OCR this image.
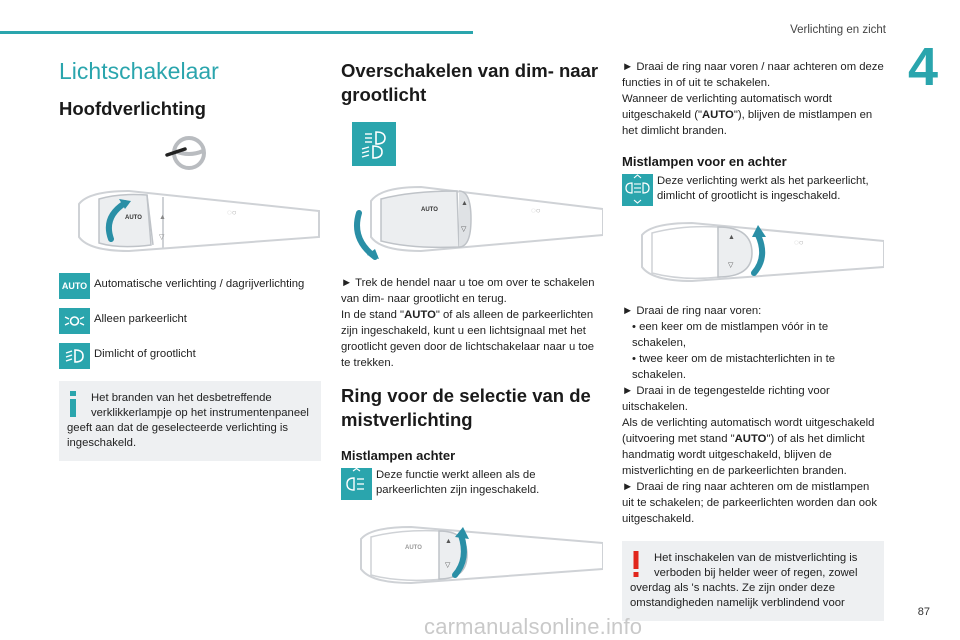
Verlichting en zicht
4
Lichtschakelaar
Hoofdverlichting
AUTO ▲
▽
◌○
AUTO Automatische verlichting / dagrijverlichting
Alleen parkeerlicht
Dimlicht of grootlicht
Het branden van het desbetreffende verklikkerlampje op het instrumentenpaneel
geeft aan dat de geselecteerde verlichting is ingeschakeld.
Overschakelen van dim- naar grootlicht
AUTO
▲
▽
◌○
► Trek de hendel naar u toe om over te schakelen van dim- naar grootlicht en terug.
In de stand "AUTO" of als alleen de parkeerlichten zijn ingeschakeld, kunt u een lichtsignaal met het grootlicht geven door de lichtschakelaar naar u toe te trekken.
Ring voor de selectie van de mistverlichting
Mistlampen achter
Deze functie werkt alleen als de parkeerlichten zijn ingeschakeld.
AUTO
▲
▽
► Draai de ring naar voren / naar achteren om deze functies in of uit te schakelen.
Wanneer de verlichting automatisch wordt uitgeschakeld ("AUTO"), blijven de mistlampen en het dimlicht branden.
Mistlampen voor en achter
Deze verlichting werkt als het parkeerlicht, dimlicht of grootlicht is ingeschakeld.
▲
▽
◌○
► Draai de ring naar voren:
• een keer om de mistlampen vóór in te schakelen,
• twee keer om de mistachterlichten in te schakelen.
► Draai in de tegengestelde richting voor uitschakelen.
Als de verlichting automatisch wordt uitgeschakeld (uitvoering met stand "AUTO") of als het dimlicht handmatig wordt uitgeschakeld, blijven de mistverlichting en de parkeerlichten branden.
► Draai de ring naar achteren om de mistlampen uit te schakelen; de parkeerlichten worden dan ook uitgeschakeld.
Het inschakelen van de mistverlichting is verboden bij helder weer of regen, zowel
overdag als 's nachts. Ze zijn onder deze omstandigheden namelijk verblindend voor
87
carmanualsonline.info
